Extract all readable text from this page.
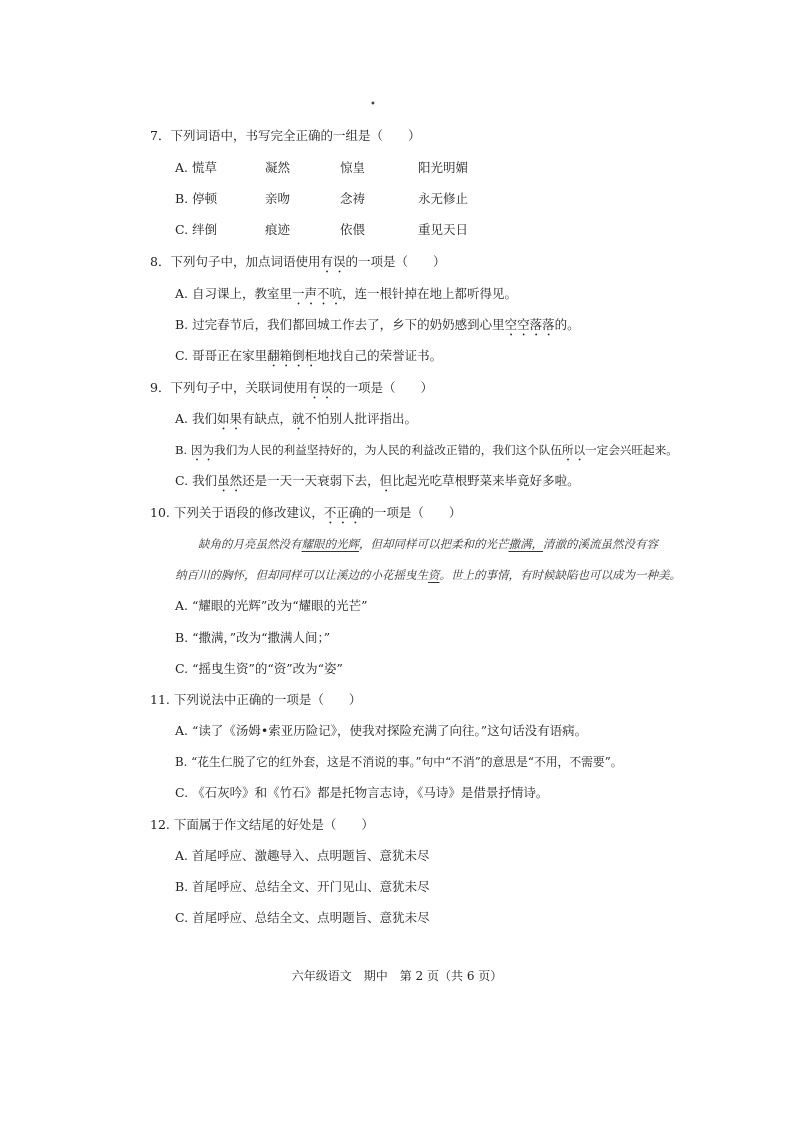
•
7．下列词语中，书写完全正确的一组是（　　）
A. 慌草	凝然	惊皇	阳光明媚
B. 停顿	亲吻	念祷	永无修止
C. 绊倒	痕迹	依偎	重见天日
8．下列句子中，加点词语使用有误的一项是（　　）
A. 自习课上，教室里一声不吭，连一根针掉在地上都听得见。
B. 过完春节后，我们都回城工作去了，乡下的奶奶感到心里空空落落的。
C. 哥哥正在家里翻箱倒柜地找自己的荣誉证书。
9．下列句子中，关联词使用有误的一项是（　　）
A. 我们如果有缺点，就不怕别人批评指出。
B. 因为我们为人民的利益坚持好的，为人民的利益改正错的，我们这个队伍所以一定会兴旺起来。
C. 我们虽然还是一天一天衰弱下去，但比起光吃草根野菜来毕竟好多啦。
10. 下列关于语段的修改建议，不正确的一项是（　　）
缺角的月亮虽然没有耀眼的光辉，但却同样可以把柔和的光芒撒满，清澈的溪流虽然没有容
纳百川的胸怀，但却同样可以让溪边的小花摇曳生资。世上的事情，有时候缺陷也可以成为一种美。
A. “耀眼的光辉”改为“耀眼的光芒”
B. “撒满，”改为“撒满人间；”
C. “摇曳生资”的“资”改为“姿”
11. 下列说法中正确的一项是（　　）
A. “读了《汤姆•索亚历险记》，使我对探险充满了向往。”这句话没有语病。
B. “花生仁脱了它的红外套，这是不消说的事。”句中“不消”的意思是“不用，不需要”。
C. 《石灰吟》和《竹石》都是托物言志诗，《马诗》是借景抒情诗。
12. 下面属于作文结尾的好处是（　　）
A. 首尾呼应、激趣导入、点明题旨、意犹未尽
B. 首尾呼应、总结全文、开门见山、意犹未尽
C. 首尾呼应、总结全文、点明题旨、意犹未尽
六年级语文　期中　第 2 页（共 6 页）
